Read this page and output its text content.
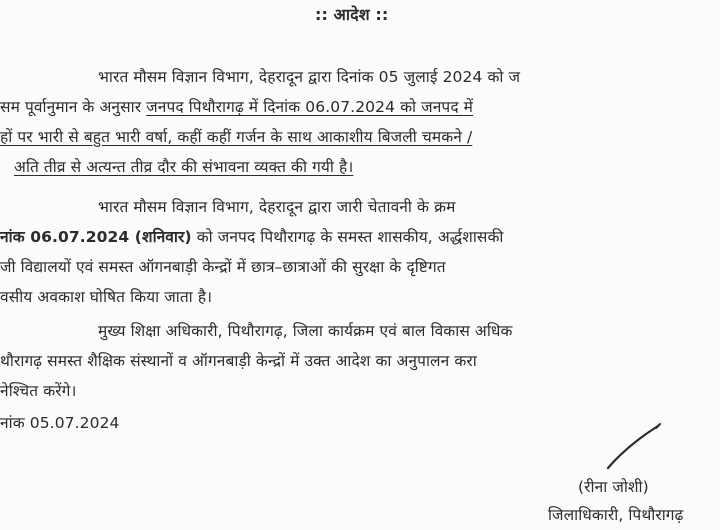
:: आदेश ::
भारत मौसम विज्ञान विभाग, देहरादून द्वारा दिनांक 05 जुलाई 2024 को ज
सम पूर्वानुमान के अनुसार जनपद पिथौरागढ़ में दिनांक 06.07.2024 को जनपद में
हों पर भारी से बहुत भारी वर्षा, कहीं कहीं गर्जन के साथ आकाशीय बिजली चमकने /
अति तीव्र से अत्यन्त तीव्र दौर की संभावना व्यक्त की गयी है।
भारत मौसम विज्ञान विभाग, देहरादून द्वारा जारी चेतावनी के क्रम
नांक 06.07.2024 (शनिवार) को जनपद पिथौरागढ़ के समस्त शासकीय, अर्द्धशासकी
जी विद्यालयों एवं समस्त ऑगनबाड़ी केन्द्रों में छात्र–छात्राओं की सुरक्षा के दृष्टिगत
वसीय अवकाश घोषित किया जाता है।
मुख्य शिक्षा अधिकारी, पिथौरागढ़, जिला कार्यक्रम एवं बाल विकास अधिक
थौरागढ़ समस्त शैक्षिक संस्थानों व ऑगनबाड़ी केन्द्रों में उक्त आदेश का अनुपालन करा
नेश्चित करेंगे।
नांक 05.07.2024
(रीना जोशी)
जिलाधिकारी, पिथौरागढ़
